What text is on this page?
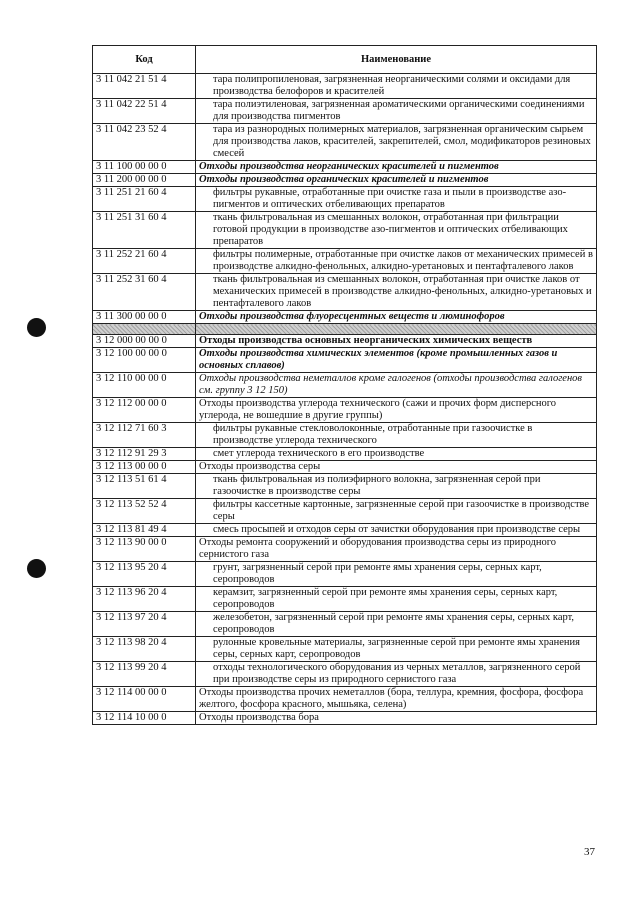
Код	Наименование
3 11 042 21 51 4	тара полипропиленовая, загрязненная неорганическими солями и оксидами для производства белофоров и красителей
3 11 042 22 51 4	тара полиэтиленовая, загрязненная ароматическими органическими соединениями для производства пигментов
3 11 042 23 52 4	тара из разнородных полимерных материалов, загрязненная органическим сырьем для производства лаков, красителей, закрепителей, смол, модификаторов резиновых смесей
3 11 100 00 00 0	Отходы производства неорганических красителей и пигментов
3 11 200 00 00 0	Отходы производства органических красителей и пигментов
3 11 251 21 60 4	фильтры рукавные, отработанные при очистке газа и пыли в производстве азо-пигментов и оптических отбеливающих препаратов
3 11 251 31 60 4	ткань фильтровальная из смешанных волокон, отработанная при фильтрации готовой продукции в производстве азо-пигментов и оптических отбеливающих препаратов
3 11 252 21 60 4	фильтры полимерные, отработанные при очистке лаков от механических примесей в производстве алкидно-фенольных, алкидно-уретановых и пентафталевого лаков
3 11 252 31 60 4	ткань фильтровальная из смешанных волокон, отработанная при очистке лаков от механических примесей в производстве алкидно-фенольных, алкидно-уретановых и пентафталевого лаков
3 11 300 00 00 0	Отходы производства флуоресцентных веществ и люминофоров

3 12 000 00 00 0	Отходы производства основных неорганических химических веществ
3 12 100 00 00 0	Отходы производства химических элементов (кроме промышленных газов и основных сплавов)
3 12 110 00 00 0	Отходы производства неметаллов кроме галогенов (отходы производства галогенов см. группу 3 12 150)
3 12 112 00 00 0	Отходы производства углерода технического (сажи и прочих форм дисперсного углерода, не вошедшие в другие группы)
3 12 112 71 60 3	фильтры рукавные стекловолоконные, отработанные при газоочистке в производстве углерода технического
3 12 112 91 29 3	смет углерода технического в его производстве
3 12 113 00 00 0	Отходы производства серы
3 12 113 51 61 4	ткань фильтровальная из полиэфирного волокна, загрязненная серой при газоочистке в производстве серы
3 12 113 52 52 4	фильтры кассетные картонные, загрязненные серой при газоочистке в производстве серы
3 12 113 81 49 4	смесь просыпей и отходов серы от зачистки оборудования при производстве серы
3 12 113 90 00 0	Отходы ремонта сооружений и оборудования производства серы из природного сернистого газа
3 12 113 95 20 4	грунт, загрязненный серой при ремонте ямы хранения серы, серных карт, серопроводов
3 12 113 96 20 4	керамзит, загрязненный серой при ремонте ямы хранения серы, серных карт, серопроводов
3 12 113 97 20 4	железобетон, загрязненный серой при ремонте ямы хранения серы, серных карт, серопроводов
3 12 113 98 20 4	рулонные кровельные материалы, загрязненные серой при ремонте ямы хранения серы, серных карт, серопроводов
3 12 113 99 20 4	отходы технологического оборудования из черных металлов, загрязненного серой при производстве серы из природного сернистого газа
3 12 114 00 00 0	Отходы производства прочих неметаллов (бора, теллура, кремния, фосфора, фосфора желтого, фосфора красного, мышьяка, селена)
3 12 114 10 00 0	Отходы производства бора
37
